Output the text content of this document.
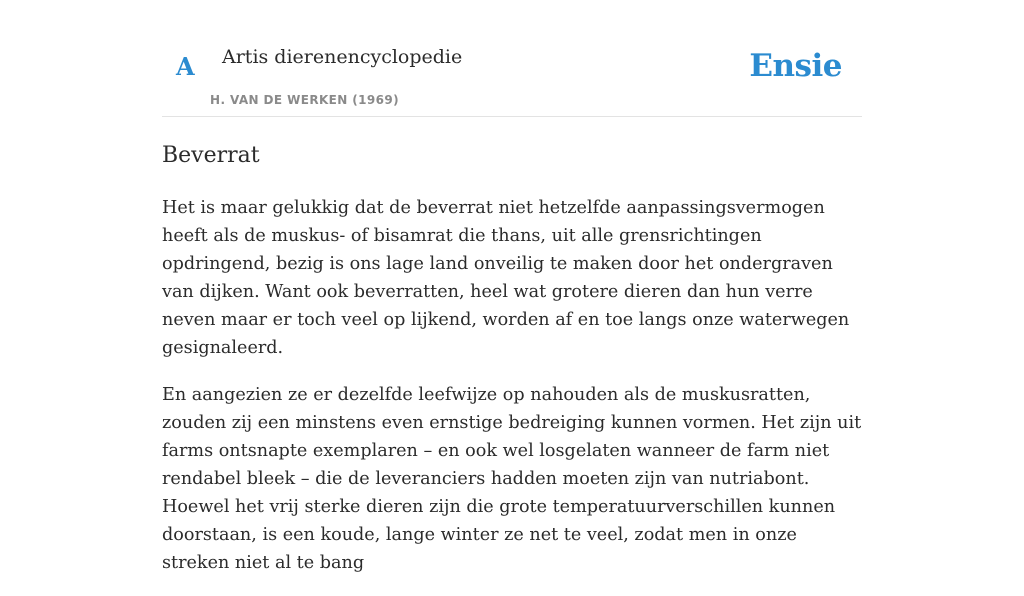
A Artis dierenencyclopedie
H. VAN DE WERKEN (1969)
Ensie
Beverrat

Het is maar gelukkig dat de beverrat niet hetzelfde aanpassingsvermogen heeft als de muskus- of bisamrat die thans, uit alle grensrichtingen opdringend, bezig is ons lage land onveilig te maken door het ondergraven van dijken. Want ook beverratten, heel wat grotere dieren dan hun verre neven maar er toch veel op lijkend, worden af en toe langs onze waterwegen gesignaleerd.

En aangezien ze er dezelfde leefwijze op nahouden als de muskusratten, zouden zij een minstens even ernstige bedreiging kunnen vormen. Het zijn uit farms ontsnapte exemplaren – en ook wel losgelaten wanneer de farm niet rendabel bleek – die de leveranciers hadden moeten zijn van nutriabont. Hoewel het vrij sterke dieren zijn die grote temperatuurverschillen kunnen doorstaan, is een koude, lange winter ze net te veel, zodat men in onze streken niet al te bang
